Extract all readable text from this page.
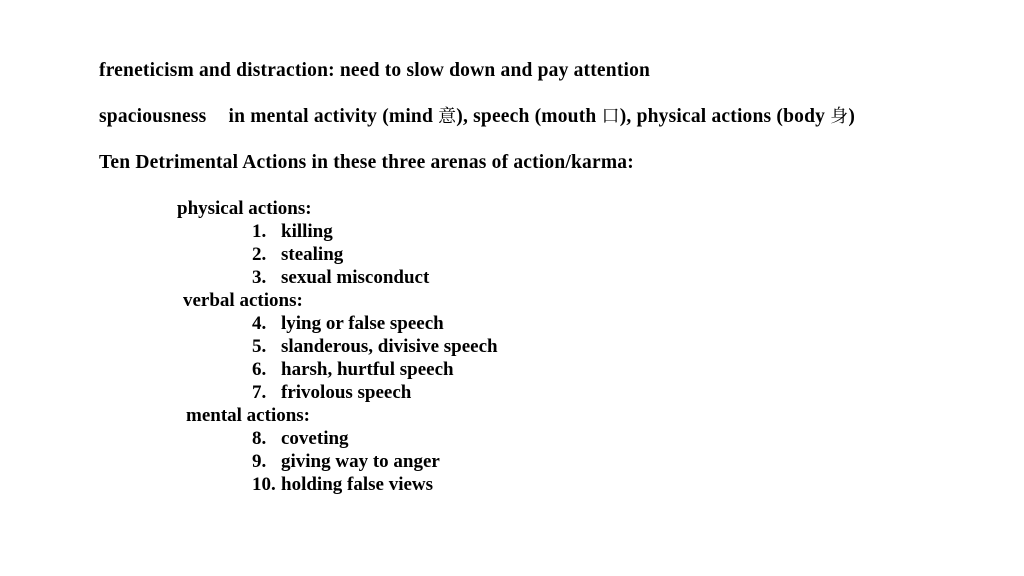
freneticism and distraction: need to slow down and pay attention
spaciousness in mental activity (mind 意), speech (mouth 口), physical actions (body 身)
Ten Detrimental Actions in these three arenas of action/karma:
physical actions:
1. killing
2. stealing
3. sexual misconduct
verbal actions:
4. lying or false speech
5. slanderous, divisive speech
6. harsh, hurtful speech
7. frivolous speech
mental actions:
8. coveting
9. giving way to anger
10. holding false views
